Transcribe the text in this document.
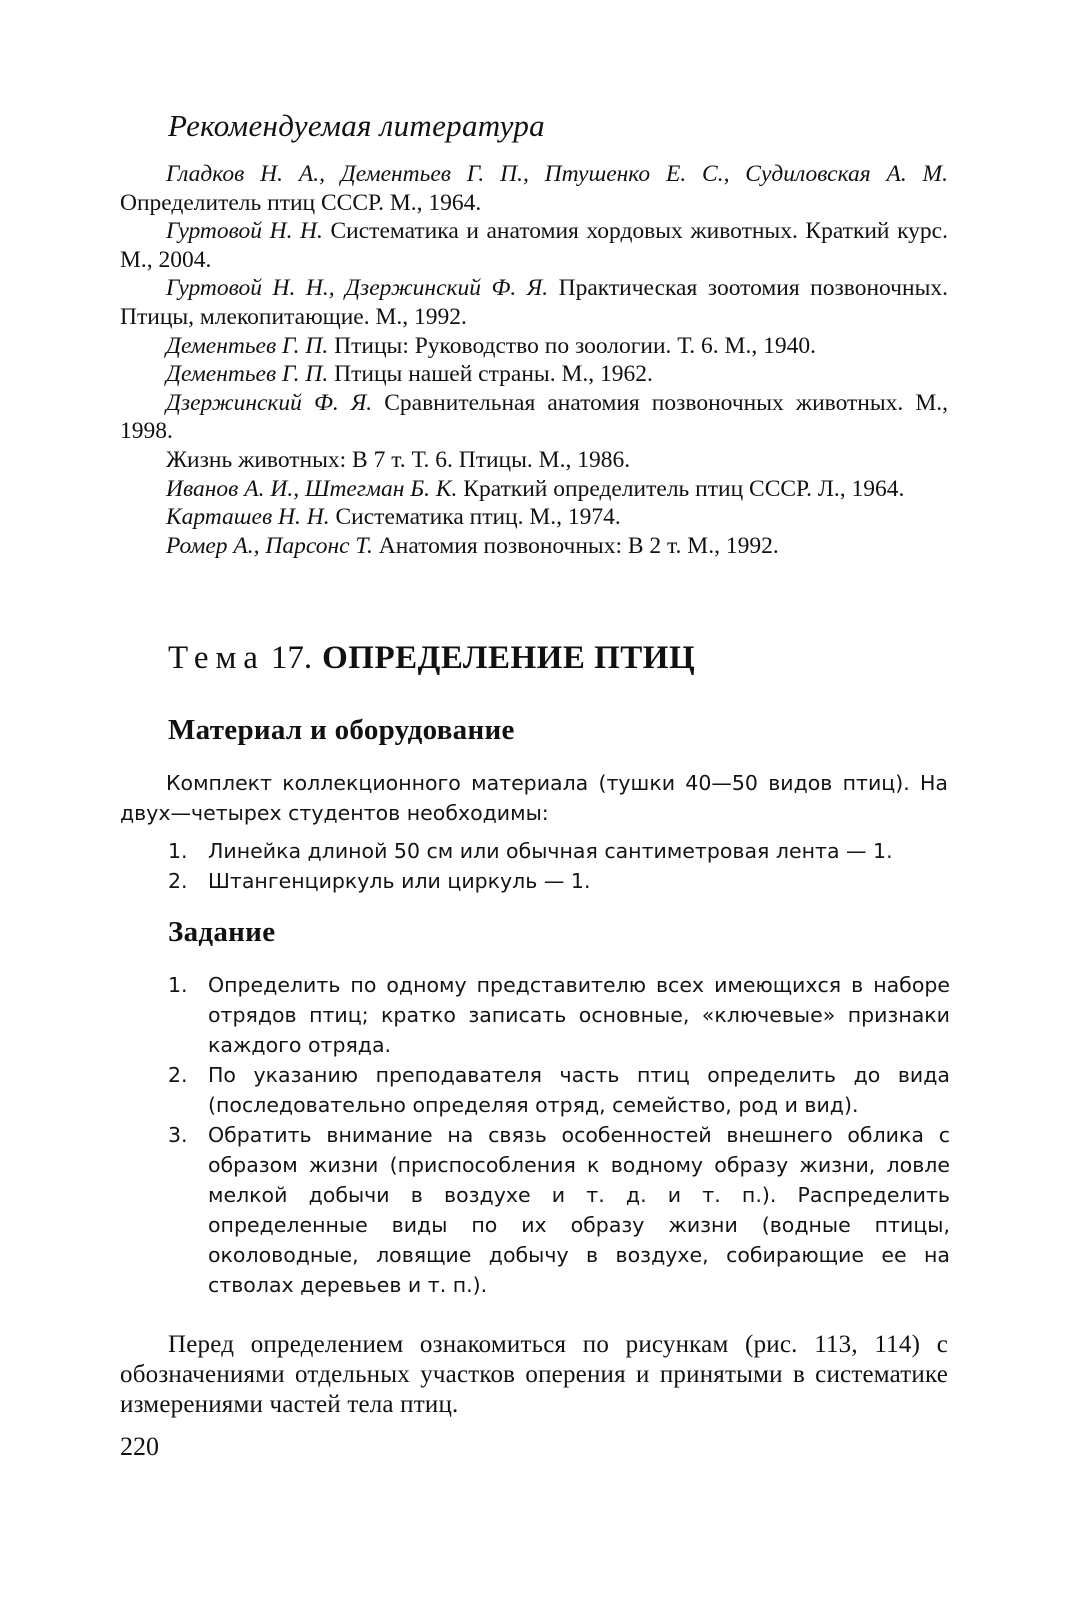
Рекомендуемая литература
Гладков Н. А., Дементьев Г. П., Птушенко Е. С., Судиловская А. М. Определитель птиц СССР. М., 1964.
Гуртовой Н. Н. Систематика и анатомия хордовых животных. Краткий курс. М., 2004.
Гуртовой Н. Н., Дзержинский Ф. Я. Практическая зоотомия позвоночных. Птицы, млекопитающие. М., 1992.
Дементьев Г. П. Птицы: Руководство по зоологии. Т. 6. М., 1940.
Дементьев Г. П. Птицы нашей страны. М., 1962.
Дзержинский Ф. Я. Сравнительная анатомия позвоночных животных. М., 1998.
Жизнь животных: В 7 т. Т. 6. Птицы. М., 1986.
Иванов А. И., Штегман Б. К. Краткий определитель птиц СССР. Л., 1964.
Карташев Н. Н. Систематика птиц. М., 1974.
Ромер А., Парсонс Т. Анатомия позвоночных: В 2 т. М., 1992.
Тема 17. ОПРЕДЕЛЕНИЕ ПТИЦ
Материал и оборудование
Комплект коллекционного материала (тушки 40—50 видов птиц). На двух—четырех студентов необходимы:
1. Линейка длиной 50 см или обычная сантиметровая лента — 1.
2. Штангенциркуль или циркуль — 1.
Задание
1. Определить по одному представителю всех имеющихся в наборе отрядов птиц; кратко записать основные, «ключевые» признаки каждого отряда.
2. По указанию преподавателя часть птиц определить до вида (последовательно определяя отряд, семейство, род и вид).
3. Обратить внимание на связь особенностей внешнего облика с образом жизни (приспособления к водному образу жизни, ловле мелкой добычи в воздухе и т. д. и т. п.). Распределить определенные виды по их образу жизни (водные птицы, околоводные, ловящие добычу в воздухе, собирающие ее на стволах деревьев и т. п.).
Перед определением ознакомиться по рисункам (рис. 113, 114) с обозначениями отдельных участков оперения и принятыми в систематике измерениями частей тела птиц.
220
